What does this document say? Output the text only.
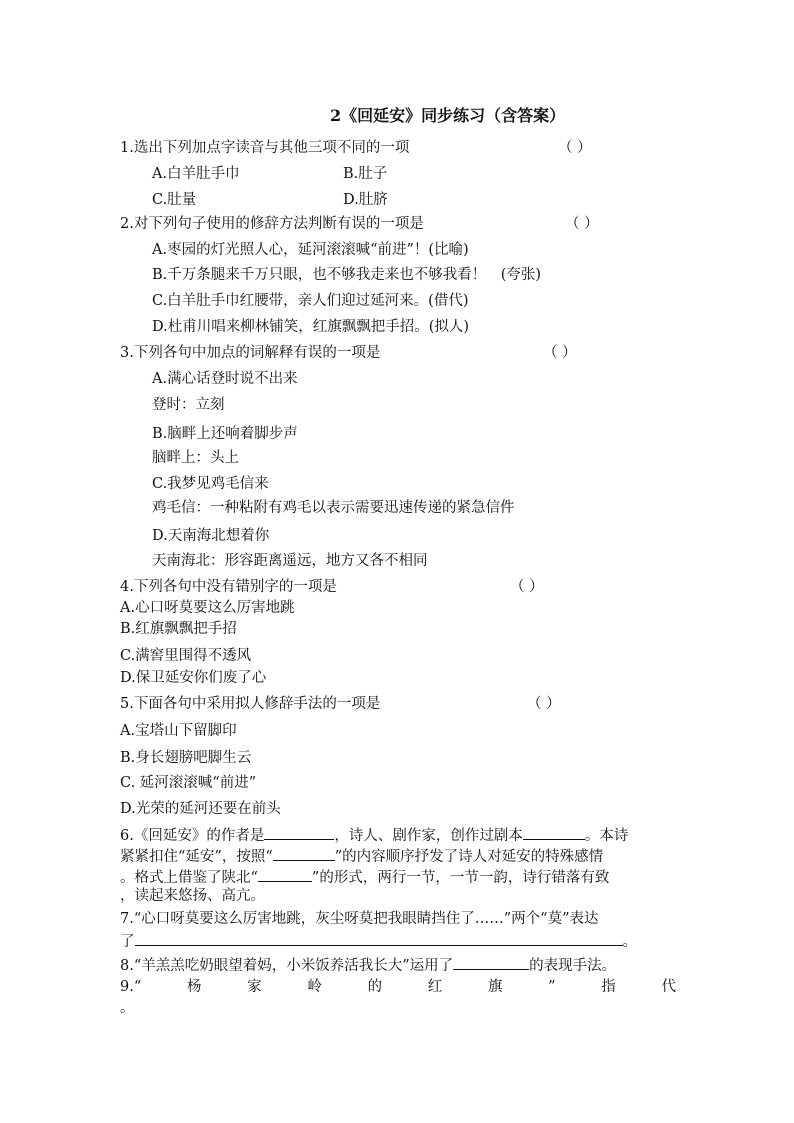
2《回延安》同步练习（含答案）
1.选出下列加点字读音与其他三项不同的一项	（ ）
A.白羊肚手巾	B.肚子
C.肚量	D.肚脐
2.对下列句子使用的修辞方法判断有误的一项是	（ ）
A.枣园的灯光照人心，延河滚滚喊“前进”！(比喻)
B.千万条腿来千万只眼，也不够我走来也不够我看！　(夸张)
C.白羊肚手巾红腰带，亲人们迎过延河来。(借代)
D.杜甫川唱来柳林铺笑，红旗飘飘把手招。(拟人)
3.下列各句中加点的词解释有误的一项是	（ ）
A.满心话登时说不出来
登时：立刻
B.脑畔上还响着脚步声
脑畔上：头上
C.我梦见鸡毛信来
鸡毛信：一种粘附有鸡毛以表示需要迅速传递的紧急信件
D.天南海北想着你
天南海北：形容距离遥远，地方又各不相同
4.下列各句中没有错别字的一项是	（ ）
A.心口呀莫要这么厉害地跳
B.红旗飘飘把手招
C.满窖里围得不透风
D.保卫延安你们废了心
5.下面各句中采用拟人修辞手法的一项是	（ ）
A.宝塔山下留脚印
B.身长翅膀吧脚生云
C. 延河滚滚喊“前进”
D.光荣的延河还要在前头
6.《回延安》的作者是	，诗人、剧作家，创作过剧本	。本诗
紧紧扣住“延安”，按照“	”的内容顺序抒发了诗人对延安的特殊感情
。格式上借鉴了陕北“	”的形式，两行一节，一节一韵，诗行错落有致
，读起来悠扬、高亢。
7.“心口呀莫要这么厉害地跳，灰尘呀莫把我眼睛挡住了……”两个“莫”表达
了	。
8.“羊羔羔吃奶眼望着妈，小米饭养活我长大”运用了	的表现手法。
9.“	杨	家	岭	的	红	旗	”	指	代
。
